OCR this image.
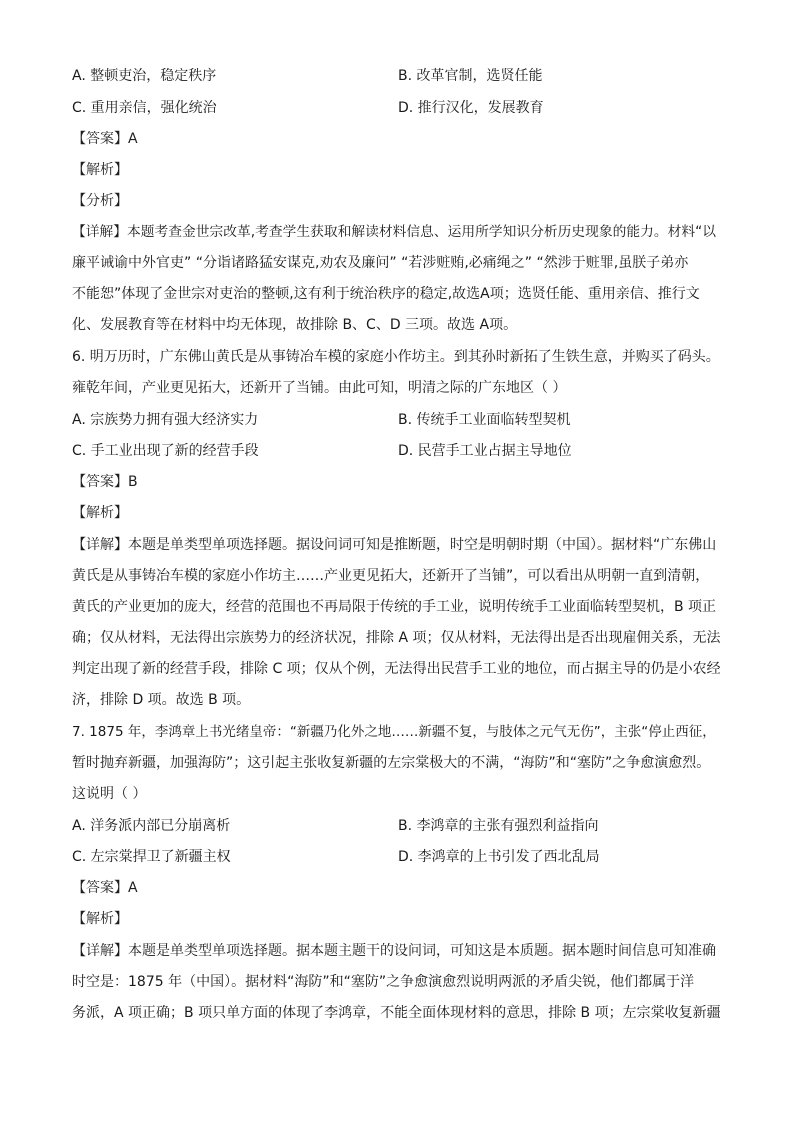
A. 整顿吏治，稳定秩序	B. 改革官制，选贤任能
C. 重用亲信，强化统治	D. 推行汉化，发展教育

【答案】A

【解析】

【分析】

【详解】本题考查金世宗改革,考查学生获取和解读材料信息、运用所学知识分析历史现象的能力。材料“以

廉平诫谕中外官吏” “分诣诸路猛安谋克,劝农及廉问” “若涉赃贿,必痛绳之” “然涉于赃罪,虽朕子弟亦

不能恕”体现了金世宗对吏治的整顿,这有利于统治秩序的稳定,故选A项；选贤任能、重用亲信、推行文

化、发展教育等在材料中均无体现，故排除 B、C、D 三项。故选 A项。

6. 明万历时，广东佛山黄氏是从事铸冶车模的家庭小作坊主。到其孙时新拓了生铁生意，并购买了码头。

雍乾年间，产业更见拓大，还新开了当铺。由此可知，明清之际的广东地区（ ）

A. 宗族势力拥有强大经济实力	B. 传统手工业面临转型契机
C. 手工业出现了新的经营手段	D. 民营手工业占据主导地位

【答案】B

【解析】

【详解】本题是单类型单项选择题。据设问词可知是推断题，时空是明朝时期（中国）。据材料“广东佛山

黄氏是从事铸冶车模的家庭小作坊主……产业更见拓大，还新开了当铺”，可以看出从明朝一直到清朝，

黄氏的产业更加的庞大，经营的范围也不再局限于传统的手工业，说明传统手工业面临转型契机，B 项正

确；仅从材料，无法得出宗族势力的经济状况，排除 A 项；仅从材料，无法得出是否出现雇佣关系，无法

判定出现了新的经营手段，排除 C 项；仅从个例，无法得出民营手工业的地位，而占据主导的仍是小农经

济，排除 D 项。故选 B 项。

7. 1875 年，李鸿章上书光绪皇帝：“新疆乃化外之地……新疆不复，与肢体之元气无伤”，主张“停止西征，

暂时抛弃新疆，加强海防”；这引起主张收复新疆的左宗棠极大的不满，“海防”和“塞防”之争愈演愈烈。

这说明（ ）

A. 洋务派内部已分崩离析	B. 李鸿章的主张有强烈利益指向
C. 左宗棠捍卫了新疆主权	D. 李鸿章的上书引发了西北乱局

【答案】A

【解析】

【详解】本题是单类型单项选择题。据本题主题干的设问词，可知这是本质题。据本题时间信息可知准确

时空是：1875 年（中国）。据材料“海防”和“塞防”之争愈演愈烈说明两派的矛盾尖锐，他们都属于洋

务派，A 项正确；B 项只单方面的体现了李鸿章，不能全面体现材料的意思，排除 B 项；左宗棠收复新疆
